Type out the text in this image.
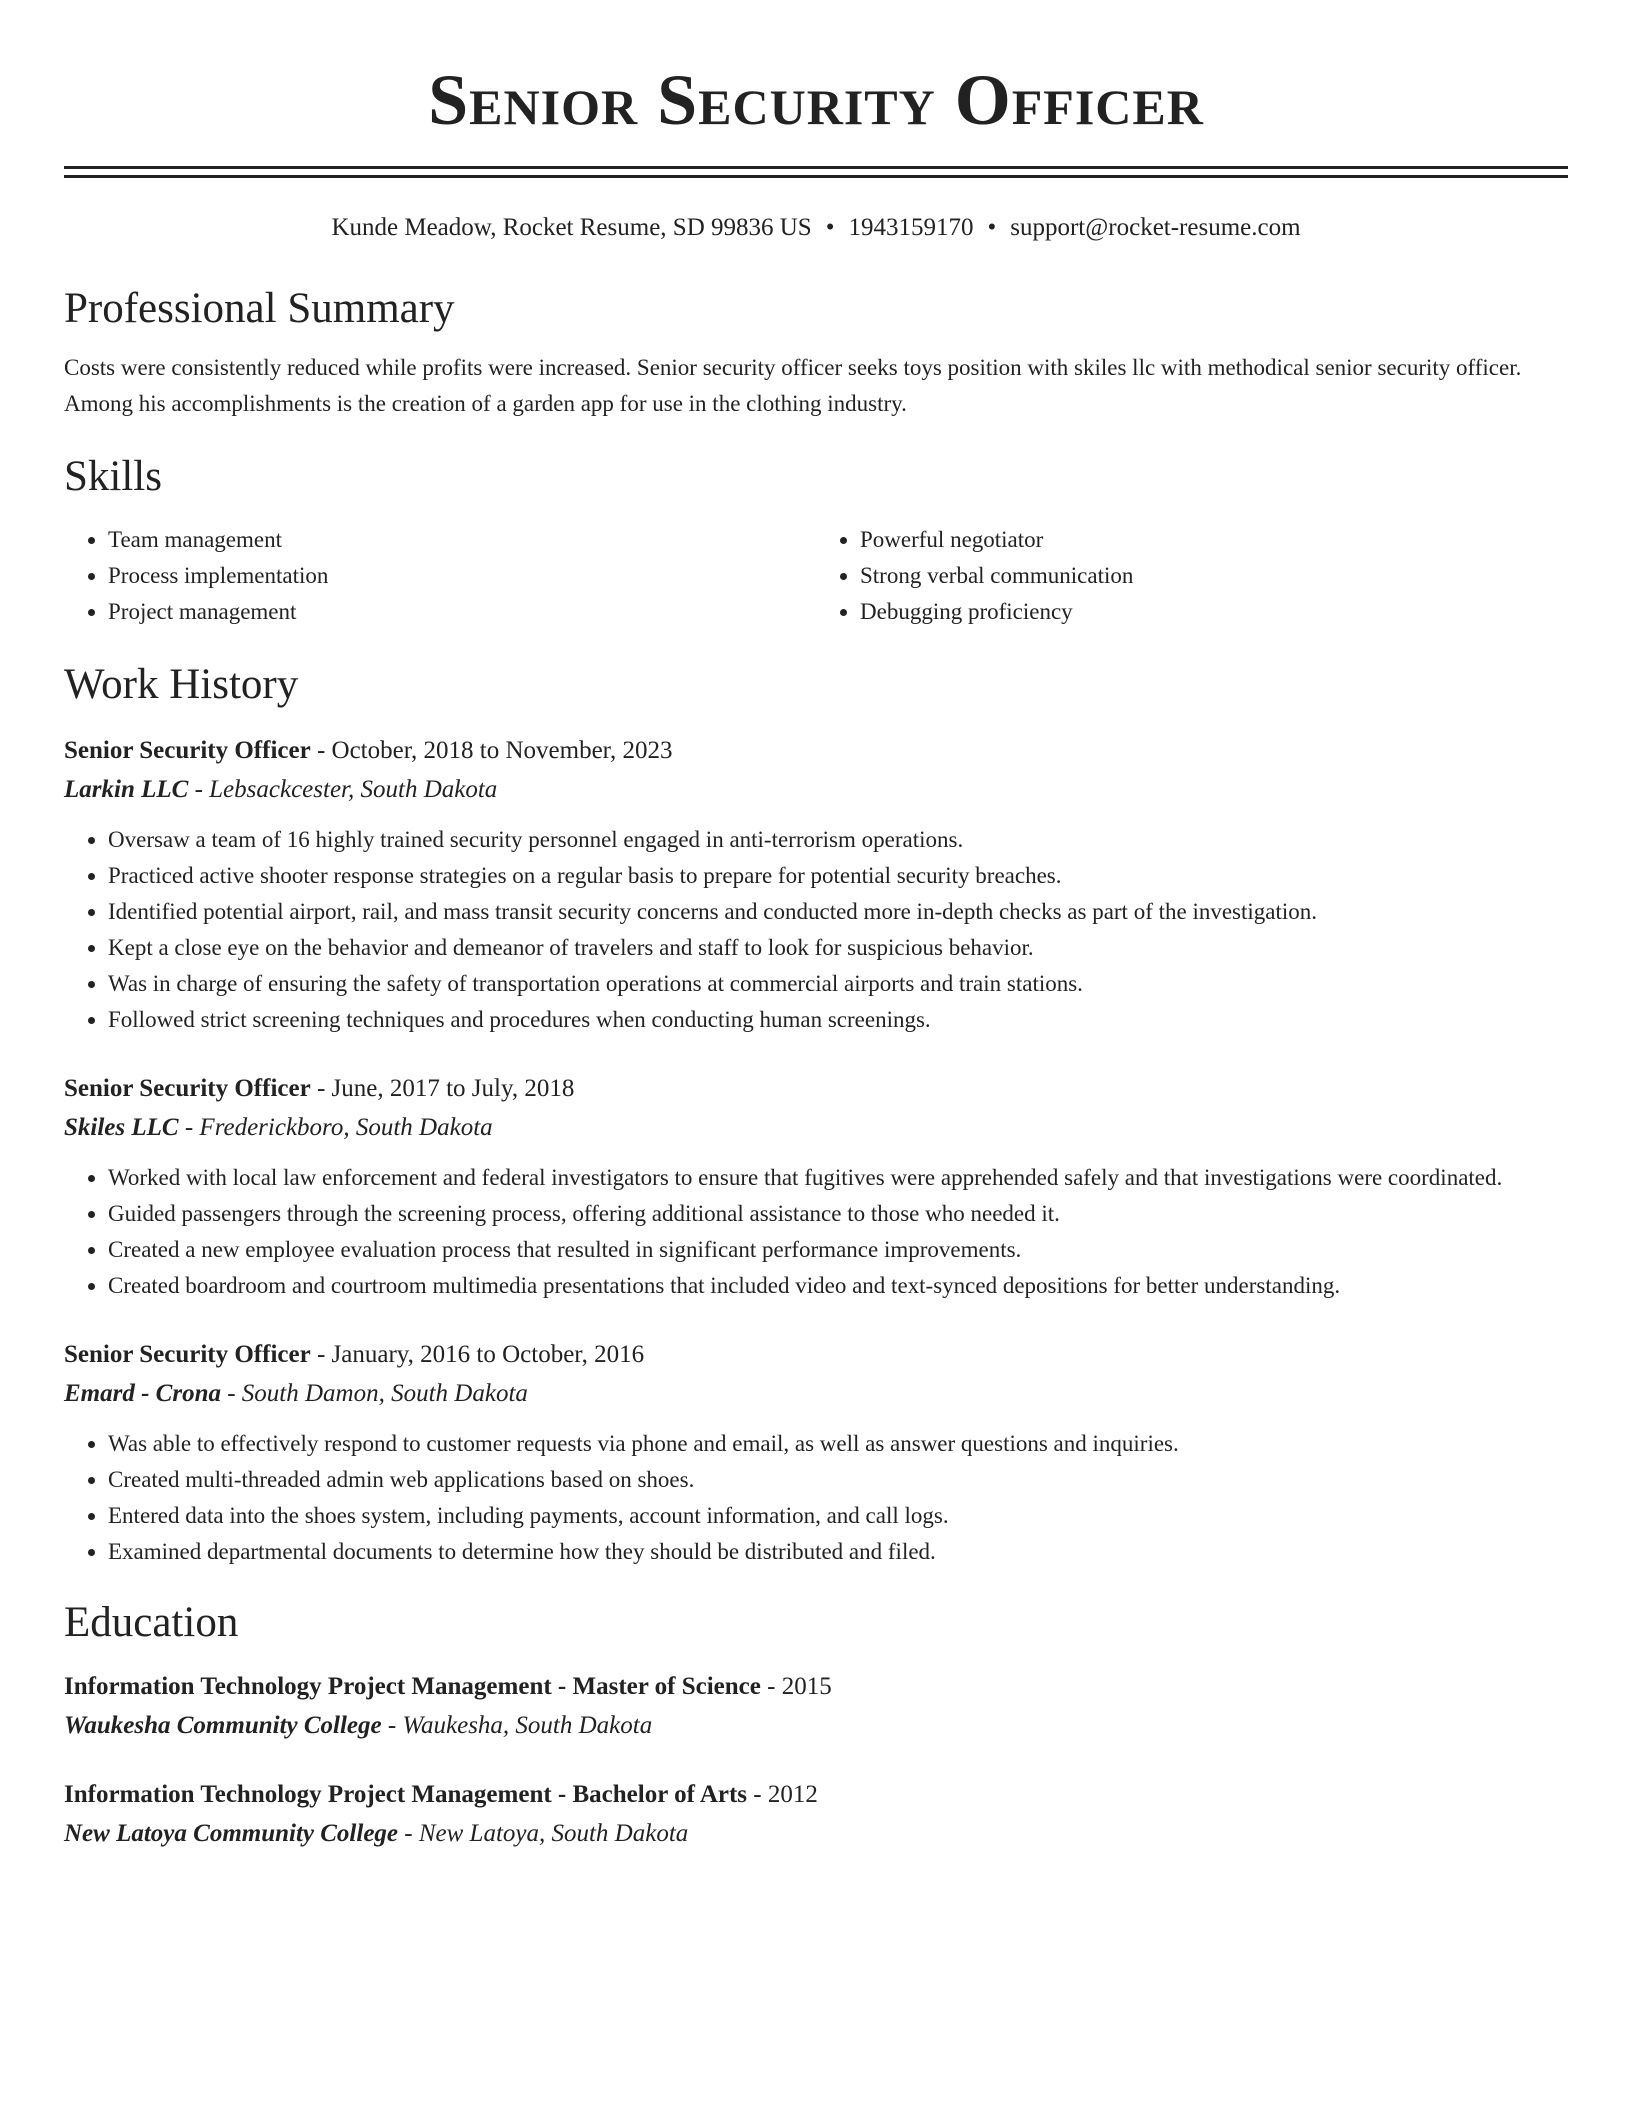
Senior Security Officer
Kunde Meadow, Rocket Resume, SD 99836 US • 1943159170 • support@rocket-resume.com
Professional Summary

Costs were consistently reduced while profits were increased. Senior security officer seeks toys position with skiles llc with methodical senior security officer. Among his accomplishments is the creation of a garden app for use in the clothing industry.

Skills
• Team management
• Process implementation
• Project management
• Powerful negotiator
• Strong verbal communication
• Debugging proficiency
Work History
Senior Security Officer - October, 2018 to November, 2023
Larkin LLC - Lebsackcester, South Dakota
• Oversaw a team of 16 highly trained security personnel engaged in anti-terrorism operations.
• Practiced active shooter response strategies on a regular basis to prepare for potential security breaches.
• Identified potential airport, rail, and mass transit security concerns and conducted more in-depth checks as part of the investigation.
• Kept a close eye on the behavior and demeanor of travelers and staff to look for suspicious behavior.
• Was in charge of ensuring the safety of transportation operations at commercial airports and train stations.
• Followed strict screening techniques and procedures when conducting human screenings.
Senior Security Officer - June, 2017 to July, 2018
Skiles LLC - Frederickboro, South Dakota
• Worked with local law enforcement and federal investigators to ensure that fugitives were apprehended safely and that investigations were coordinated.
• Guided passengers through the screening process, offering additional assistance to those who needed it.
• Created a new employee evaluation process that resulted in significant performance improvements.
• Created boardroom and courtroom multimedia presentations that included video and text-synced depositions for better understanding.
Senior Security Officer - January, 2016 to October, 2016
Emard - Crona - South Damon, South Dakota
• Was able to effectively respond to customer requests via phone and email, as well as answer questions and inquiries.
• Created multi-threaded admin web applications based on shoes.
• Entered data into the shoes system, including payments, account information, and call logs.
• Examined departmental documents to determine how they should be distributed and filed.
Education
Information Technology Project Management - Master of Science - 2015
Waukesha Community College - Waukesha, South Dakota
Information Technology Project Management - Bachelor of Arts - 2012
New Latoya Community College - New Latoya, South Dakota
